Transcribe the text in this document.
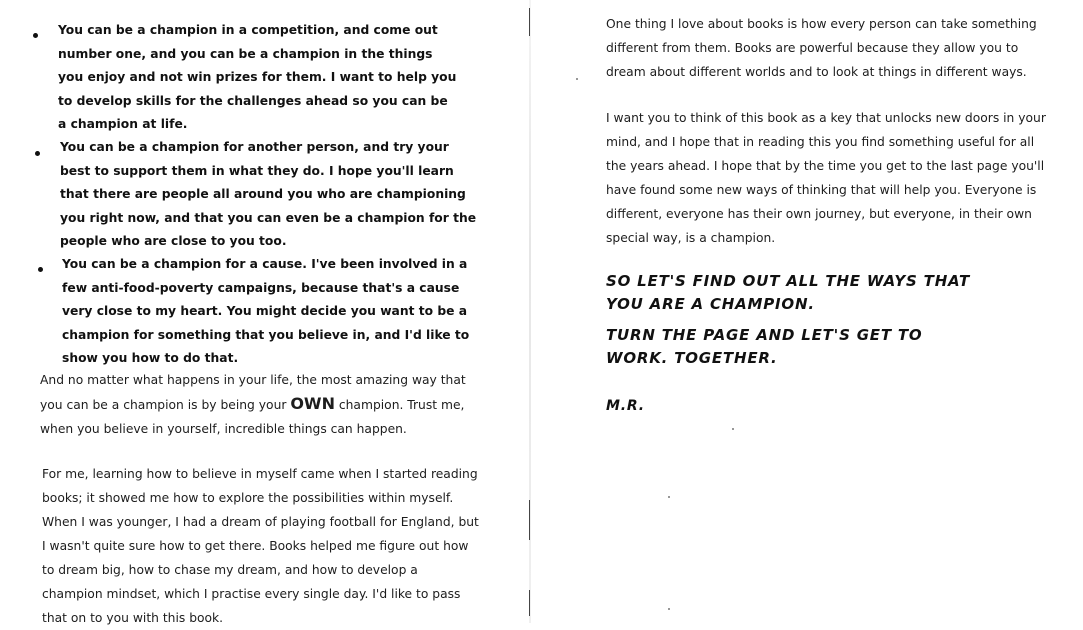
You can be a champion in a competition, and come out number one, and you can be a champion in the things you enjoy and not win prizes for them. I want to help you to develop skills for the challenges ahead so you can be a champion at life.
You can be a champion for another person, and try your best to support them in what they do. I hope you'll learn that there are people all around you who are championing you right now, and that you can even be a champion for the people who are close to you too.
You can be a champion for a cause. I've been involved in a few anti-food-poverty campaigns, because that's a cause very close to my heart. You might decide you want to be a champion for something that you believe in, and I'd like to show you how to do that.

And no matter what happens in your life, the most amazing way that you can be a champion is by being your OWN champion. Trust me, when you believe in yourself, incredible things can happen.

For me, learning how to believe in myself came when I started reading books; it showed me how to explore the possibilities within myself. When I was younger, I had a dream of playing football for England, but I wasn't quite sure how to get there. Books helped me figure out how to dream big, how to chase my dream, and how to develop a champion mindset, which I practise every single day. I'd like to pass that on to you with this book.

One thing I love about books is how every person can take something different from them. Books are powerful because they allow you to dream about different worlds and to look at things in different ways.

I want you to think of this book as a key that unlocks new doors in your mind, and I hope that in reading this you find something useful for all the years ahead. I hope that by the time you get to the last page you'll have found some new ways of thinking that will help you. Everyone is different, everyone has their own journey, but everyone, in their own special way, is a champion.

SO LET'S FIND OUT ALL THE WAYS THAT YOU ARE A CHAMPION.
TURN THE PAGE AND LET'S GET TO WORK. TOGETHER.
M.R.
